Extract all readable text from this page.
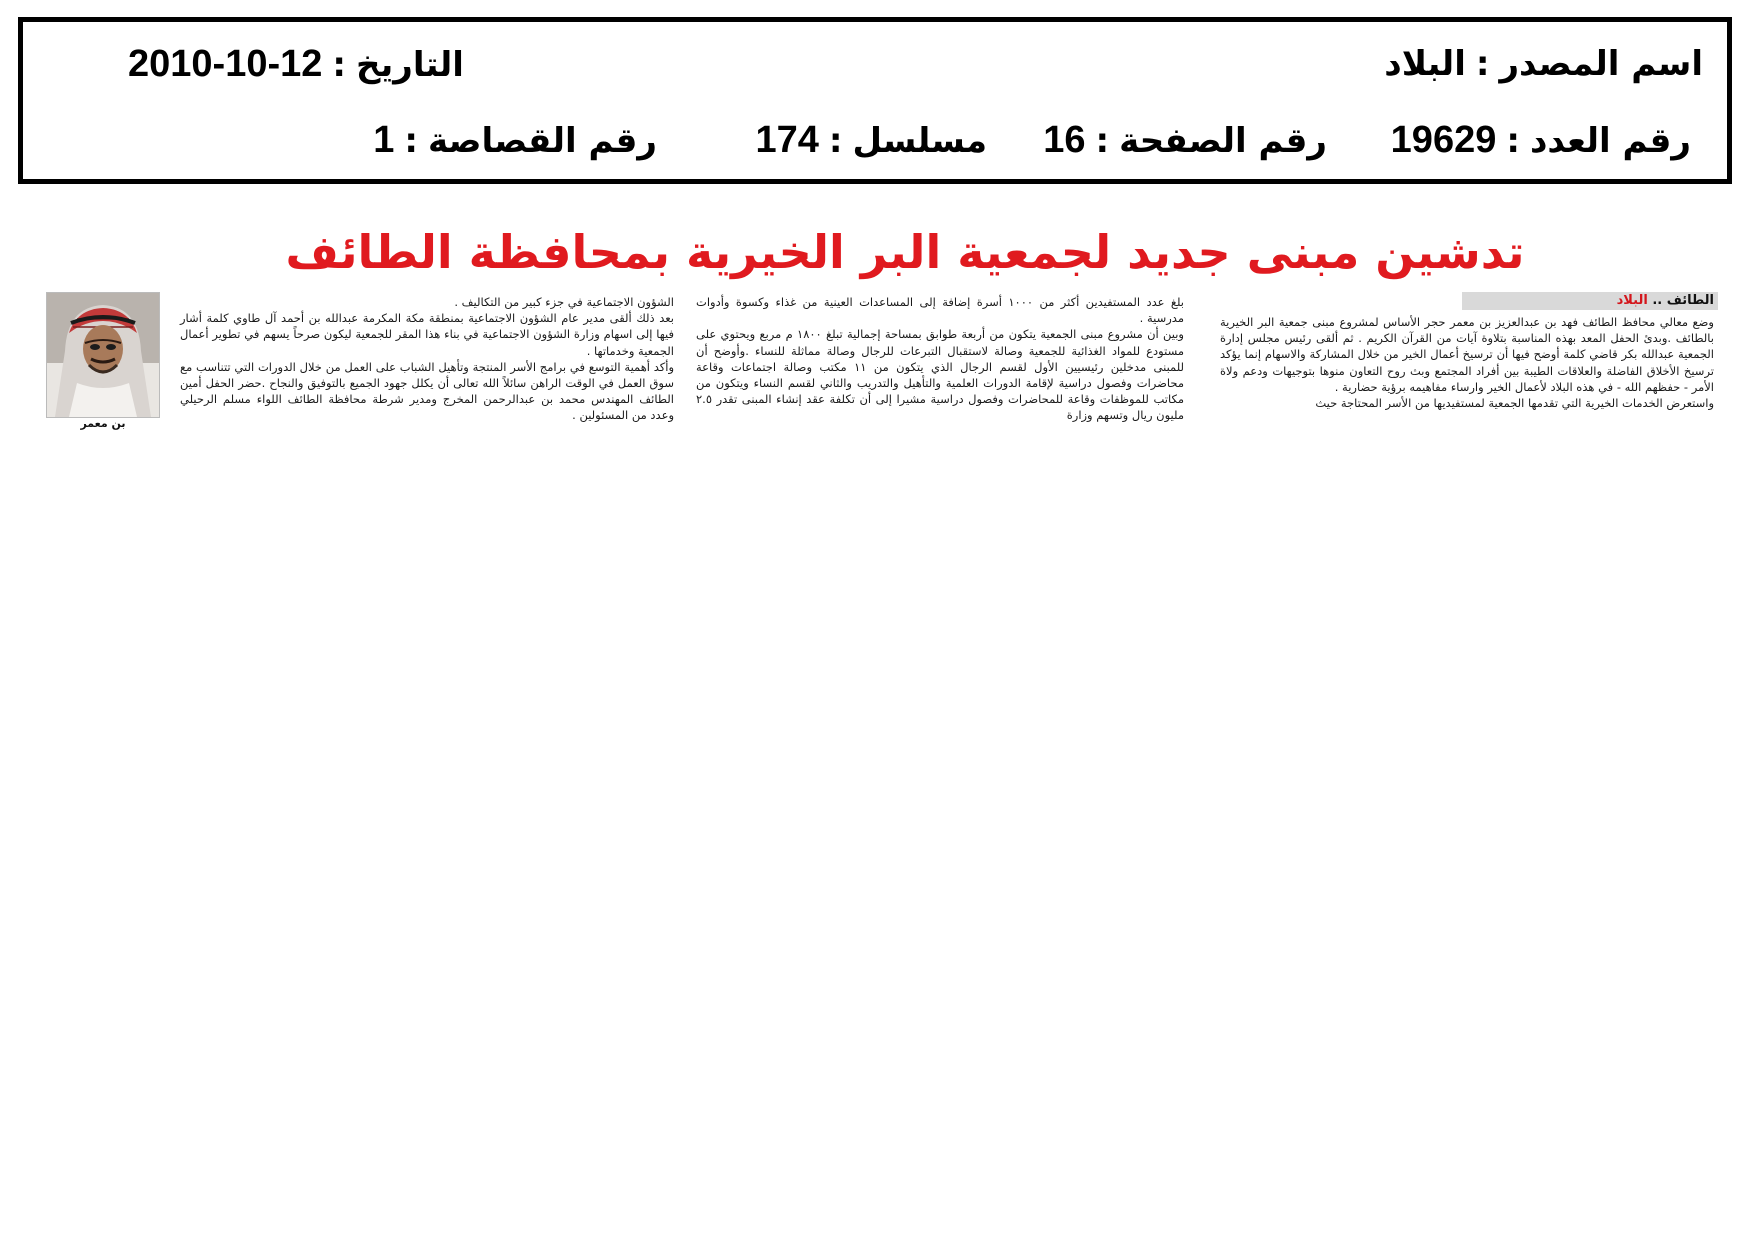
اسم المصدر:البلاد
التاريخ:2010-10-12
رقم العدد:19629
رقم الصفحة:16
مسلسل:174
رقم القصاصة:1
تدشين مبنى جديد لجمعية البر الخيرية بمحافظة الطائف
الطائف .. البلاد

وضع معالي محافظ الطائف فهد بن عبدالعزيز بن معمر حجر الأساس لمشروع مبنى جمعية البر الخيرية بالطائف .وبدئ الحفل المعد بهذه المناسبة بتلاوة آيات من القرآن الكريم . ثم ألقى رئيس مجلس إدارة الجمعية عبدالله بكر قاضي كلمة أوضح فيها أن ترسيخ أعمال الخير من خلال المشاركة والاسهام إنما يؤكد ترسيخ الأخلاق الفاضلة والعلاقات الطيبة بين أفراد المجتمع وبث روح التعاون منوها بتوجيهات ودعم ولاة الأمر - حفظهم الله - في هذه البلاد لأعمال الخير وارساء مفاهيمه برؤية حضارية .

واستعرض الخدمات الخيرية التي تقدمها الجمعية لمستفيديها من الأسر المحتاجة حيث

بلغ عدد المستفيدين أكثر من ١٠٠٠ أسرة إضافة إلى المساعدات العينية من غذاء وكسوة وأدوات مدرسية .

وبين أن مشروع مبنى الجمعية يتكون من أربعة طوابق بمساحة إجمالية تبلغ ١٨٠٠ م مربع ويحتوي على مستودع للمواد الغذائية للجمعية وصالة لاستقبال التبرعات للرجال وصالة مماثلة للنساء .وأوضح أن للمبنى مدخلين رئيسيين الأول لقسم الرجال الذي يتكون من ١١ مكتب وصالة اجتماعات وقاعة محاضرات وفصول دراسية لإقامة الدورات العلمية والتأهيل والتدريب والثاني لقسم النساء ويتكون من مكاتب للموظفات وقاعة للمحاضرات وفصول دراسية مشيرا إلى أن تكلفة عقد إنشاء المبنى تقدر ٢.٥ مليون ريال وتسهم وزارة

الشؤون الاجتماعية في جزء كبير من التكاليف .

بعد ذلك ألقى مدير عام الشؤون الاجتماعية بمنطقة مكة المكرمة عبدالله بن أحمد آل طاوي كلمة أشار فيها إلى اسهام وزارة الشؤون الاجتماعية في بناء هذا المقر للجمعية ليكون صرحاً يسهم في تطوير أعمال الجمعية وخدماتها .

وأكد أهمية التوسع في برامج الأسر المنتجة وتأهيل الشباب على العمل من خلال الدورات التي تتناسب مع سوق العمل في الوقت الراهن سائلاً الله تعالى أن يكلل جهود الجميع بالتوفيق والنجاح .حضر الحفل أمين الطائف المهندس محمد بن عبدالرحمن المخرج ومدير شرطة محافظة الطائف اللواء مسلم الرحيلي وعدد من المسئولين .

بن معمر
